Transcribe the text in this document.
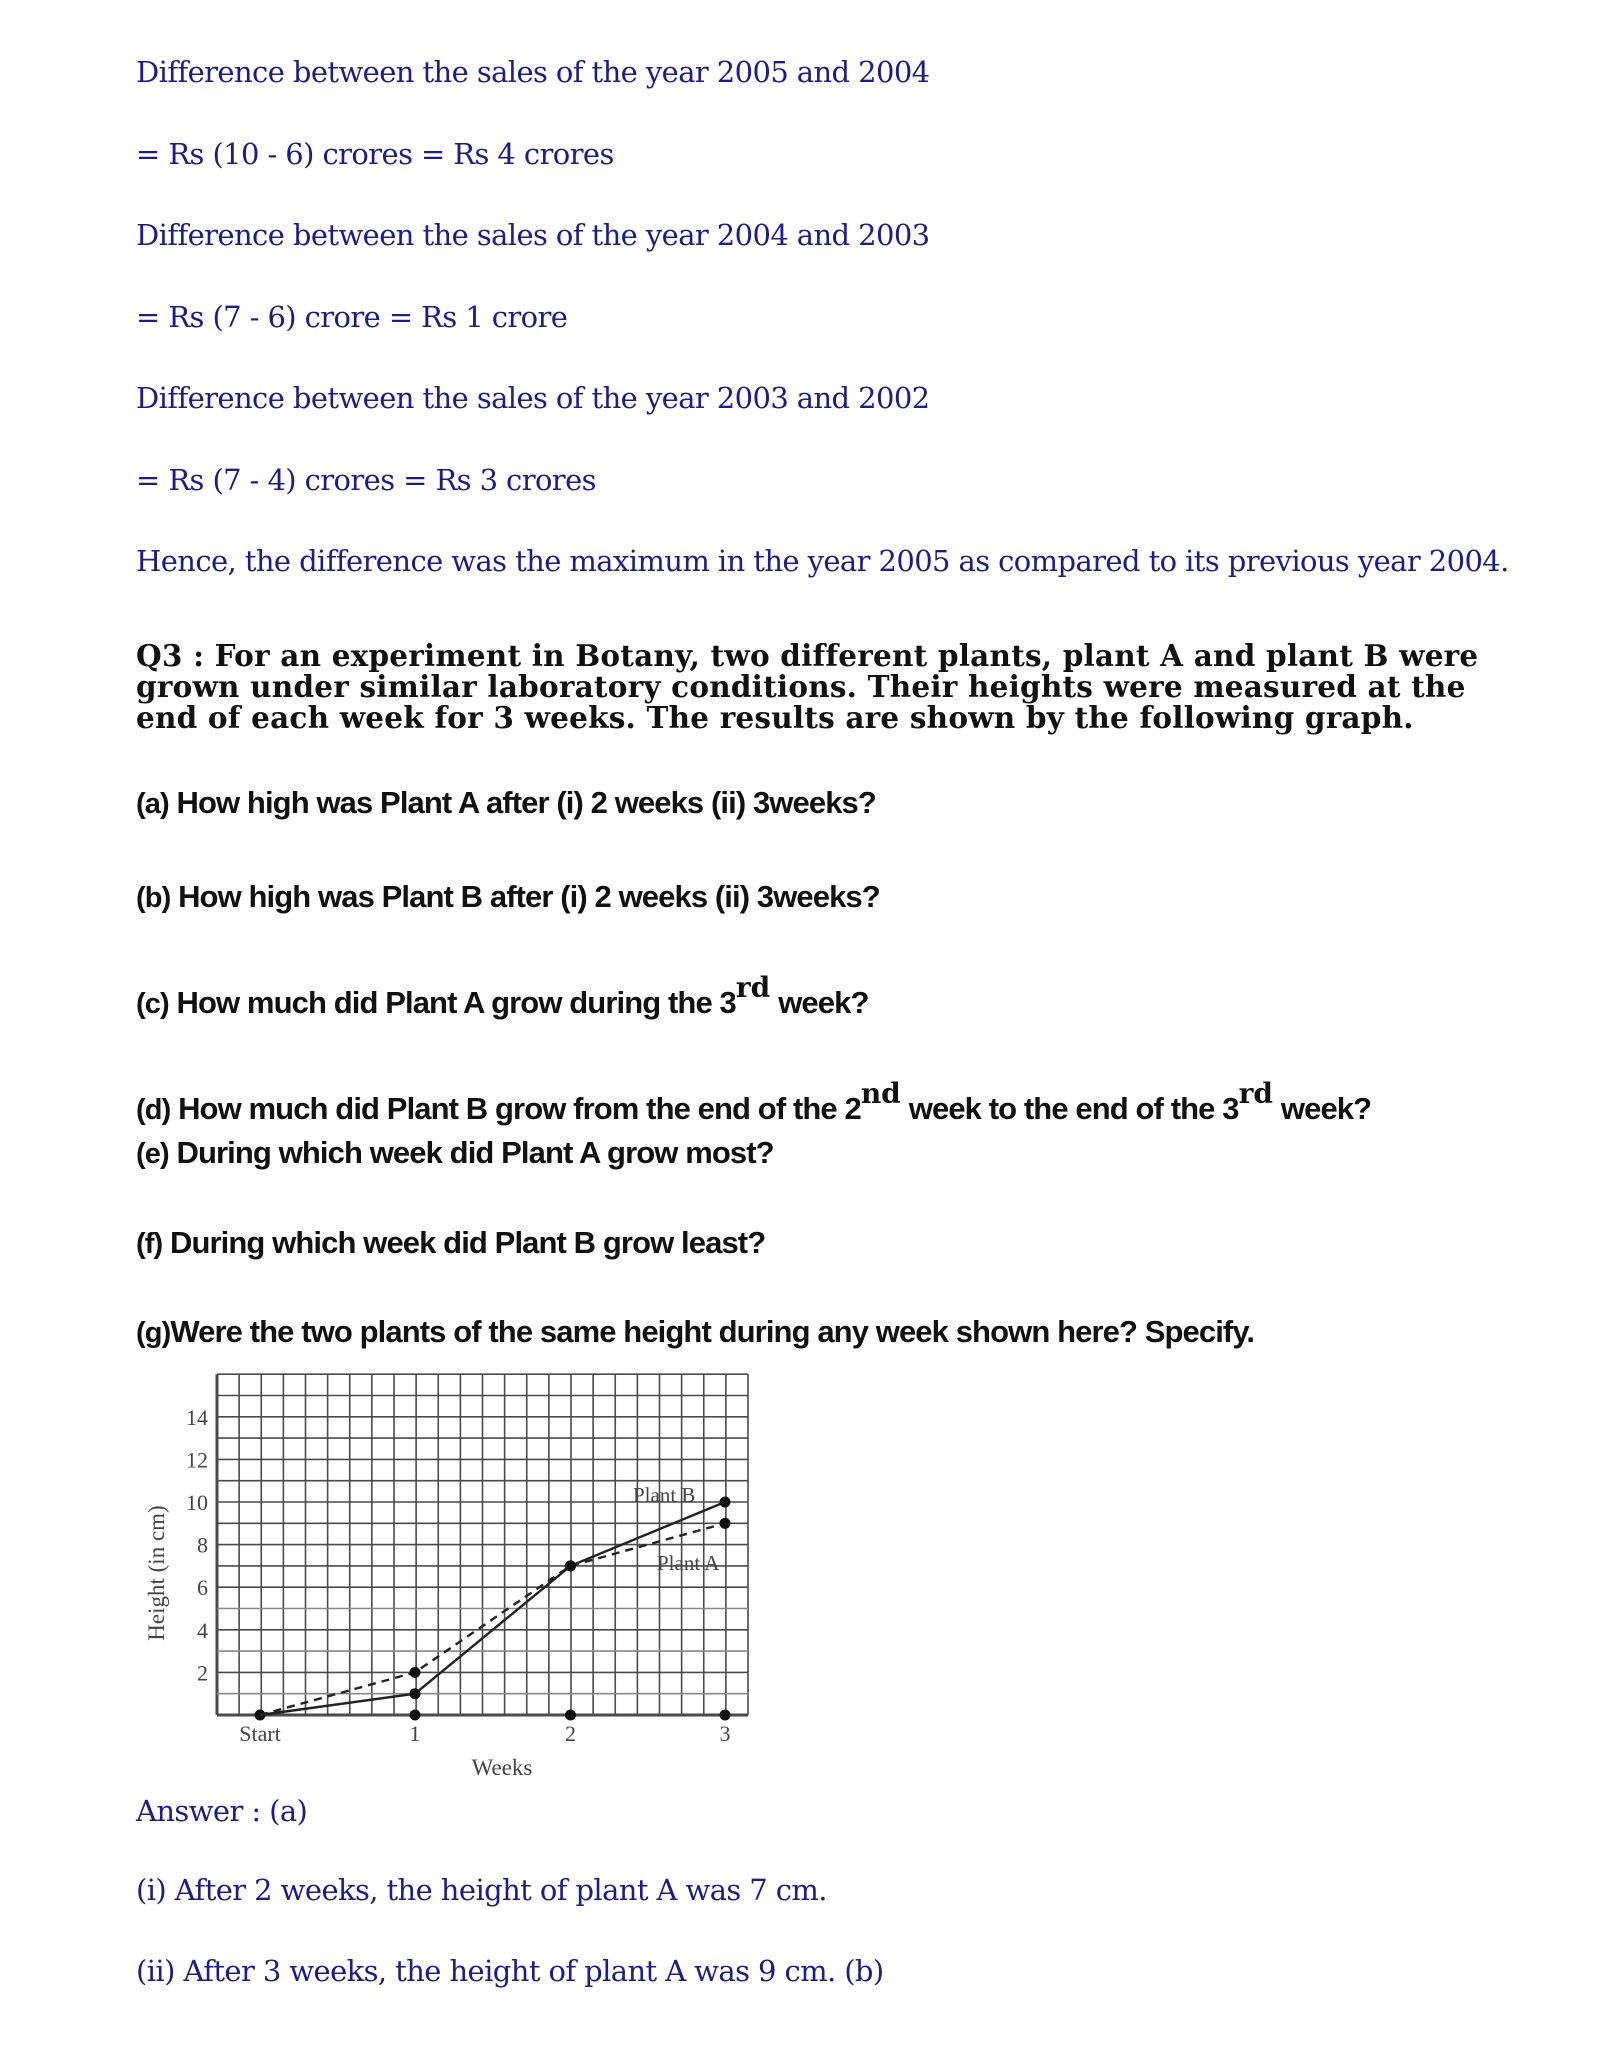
Difference between the sales of the year 2005 and 2004
= Rs (10 - 6) crores = Rs 4 crores
Difference between the sales of the year 2004 and 2003
= Rs (7 - 6) crore = Rs 1 crore
Difference between the sales of the year 2003 and 2002
= Rs (7 - 4) crores = Rs 3 crores
Hence, the difference was the maximum in the year 2005 as compared to its previous year 2004.
Q3 : For an experiment in Botany, two different plants, plant A and plant B were
grown under similar laboratory conditions. Their heights were measured at the
end of each week for 3 weeks. The results are shown by the following graph.
(a) How high was Plant A after (i) 2 weeks (ii) 3weeks?
(b) How high was Plant B after (i) 2 weeks (ii) 3weeks?
(c) How much did Plant A grow during the 3rd week?
(d) How much did Plant B grow from the end of the 2nd week to the end of the 3rd week?
(e) During which week did Plant A grow most?
(f) During which week did Plant B grow least?
(g)Were the two plants of the same height during any week shown here? Specify.
2
4
6
8
10
12
14
Start	1	2	3
Weeks
Height (in cm)
Plant B
Plant A
Answer : (a)
(i) After 2 weeks, the height of plant A was 7 cm.
(ii) After 3 weeks, the height of plant A was 9 cm. (b)
